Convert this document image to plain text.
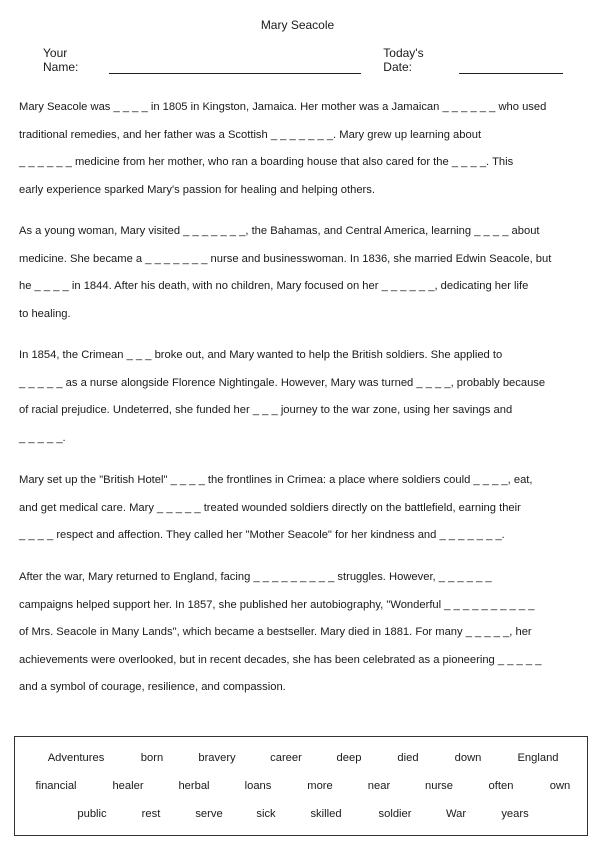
Mary Seacole
Your Name:
Today's Date:
Mary Seacole was _ _ _ _ in 1805 in Kingston, Jamaica. Her mother was a Jamaican _ _ _ _ _ _ who used
traditional remedies, and her father was a Scottish _ _ _ _ _ _ _. Mary grew up learning about
_ _ _ _ _ _ medicine from her mother, who ran a boarding house that also cared for the _ _ _ _. This
early experience sparked Mary's passion for healing and helping others.
As a young woman, Mary visited _ _ _ _ _ _ _, the Bahamas, and Central America, learning _ _ _ _ about
medicine. She became a _ _ _ _ _ _ _ nurse and businesswoman. In 1836, she married Edwin Seacole, but
he _ _ _ _ in 1844. After his death, with no children, Mary focused on her _ _ _ _ _ _, dedicating her life
to healing.
In 1854, the Crimean _ _ _ broke out, and Mary wanted to help the British soldiers. She applied to
_ _ _ _ _ as a nurse alongside Florence Nightingale. However, Mary was turned _ _ _ _, probably because
of racial prejudice. Undeterred, she funded her _ _ _ journey to the war zone, using her savings and
_ _ _ _ _.
Mary set up the "British Hotel" _ _ _ _ the frontlines in Crimea: a place where soldiers could _ _ _ _, eat,
and get medical care. Mary _ _ _ _ _ treated wounded soldiers directly on the battlefield, earning their
_ _ _ _ respect and affection. They called her "Mother Seacole" for her kindness and _ _ _ _ _ _ _.
After the war, Mary returned to England, facing _ _ _ _ _ _ _ _ _ struggles. However, _ _ _ _ _ _
campaigns helped support her. In 1857, she published her autobiography, "Wonderful _ _ _ _ _ _ _ _ _ _
of Mrs. Seacole in Many Lands", which became a bestseller. Mary died in 1881. For many _ _ _ _ _, her
achievements were overlooked, but in recent decades, she has been celebrated as a pioneering _ _ _ _ _
and a symbol of courage, resilience, and compassion.
Adventures	born	bravery	career	deep	died	down	England
financial	healer	herbal	loans	more	near	nurse	often	own
public	rest	serve	sick	skilled	soldier	War	years
